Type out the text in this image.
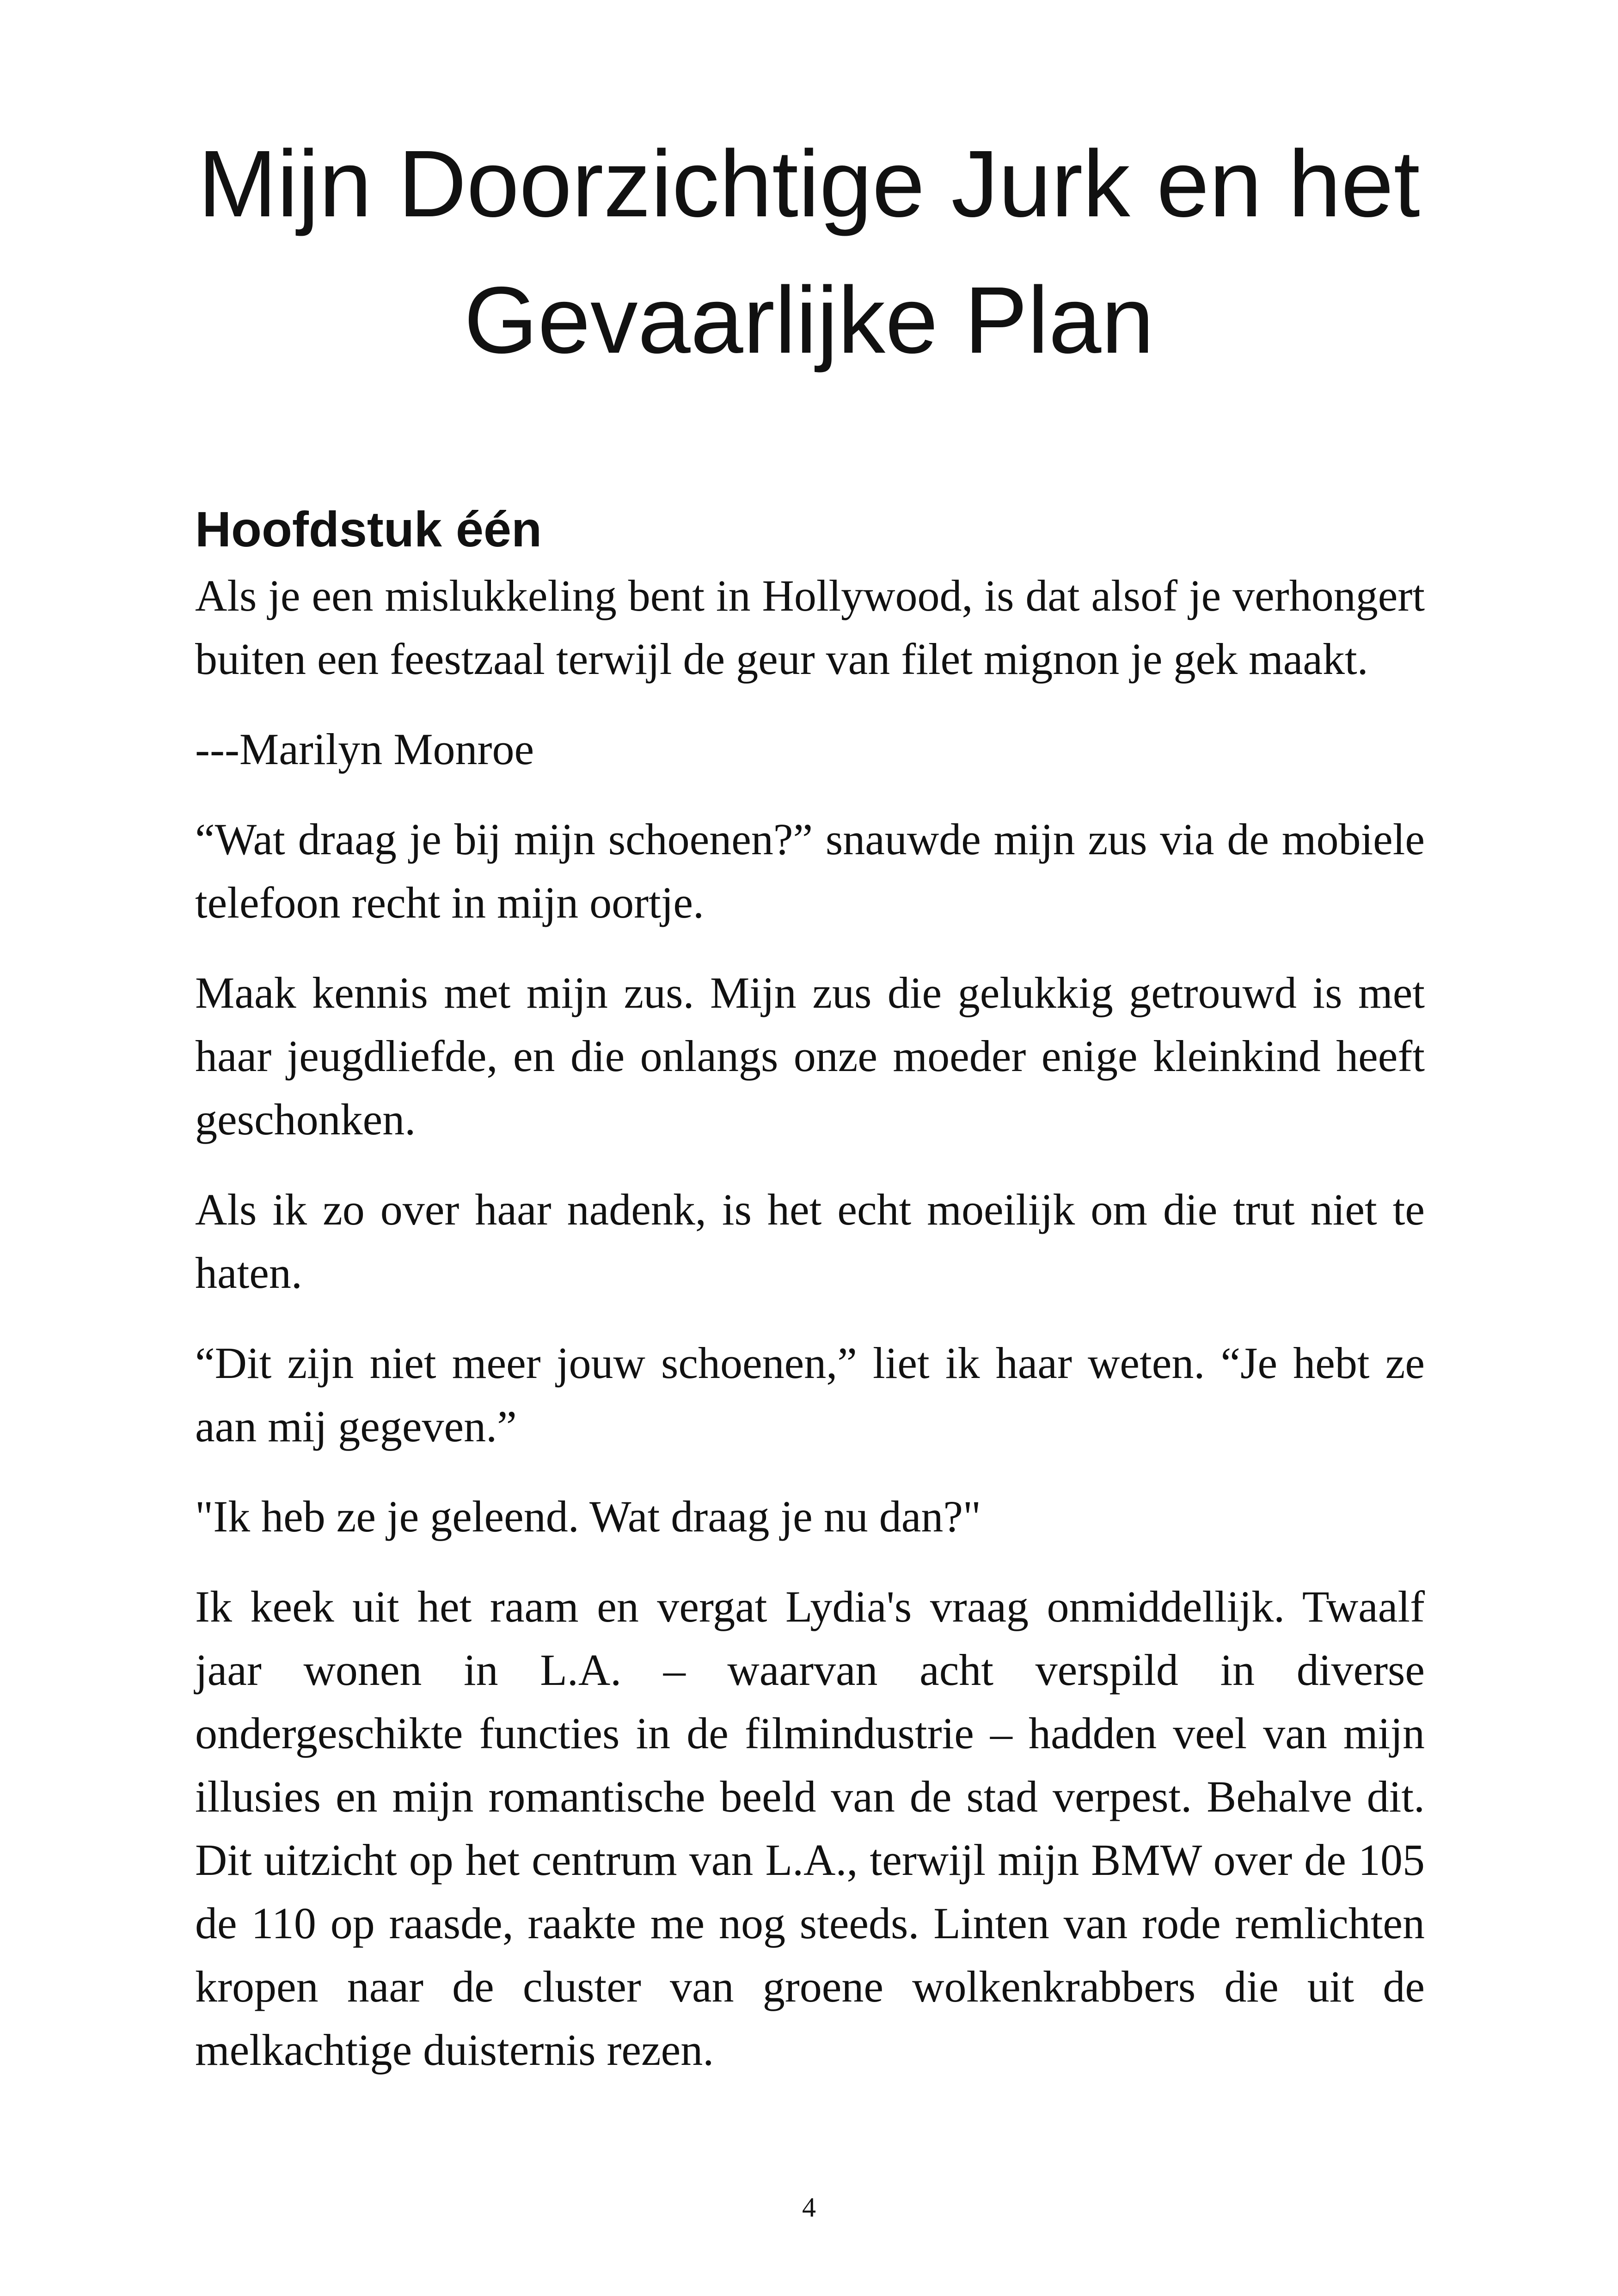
Mijn Doorzichtige Jurk en het Gevaarlijke Plan
Hoofdstuk één

Als je een mislukkeling bent in Hollywood, is dat alsof je verhongert buiten een feestzaal terwijl de geur van filet mignon je gek maakt.

---Marilyn Monroe

“Wat draag je bij mijn schoenen?” snauwde mijn zus via de mobiele telefoon recht in mijn oortje.

Maak kennis met mijn zus. Mijn zus die gelukkig getrouwd is met haar jeugdliefde, en die onlangs onze moeder enige kleinkind heeft geschonken.

Als ik zo over haar nadenk, is het echt moeilijk om die trut niet te haten.

“Dit zijn niet meer jouw schoenen,” liet ik haar weten. “Je hebt ze aan mij gegeven.”

"Ik heb ze je geleend. Wat draag je nu dan?"

Ik keek uit het raam en vergat Lydia's vraag onmiddellijk. Twaalf jaar wonen in L.A. – waarvan acht verspild in diverse ondergeschikte functies in de filmindustrie – hadden veel van mijn illusies en mijn romantische beeld van de stad verpest. Behalve dit. Dit uitzicht op het centrum van L.A., terwijl mijn BMW over de 105 de 110 op raasde, raakte me nog steeds. Linten van rode remlichten kropen naar de cluster van groene wolkenkrabbers die uit de melkachtige duisternis rezen.

4
